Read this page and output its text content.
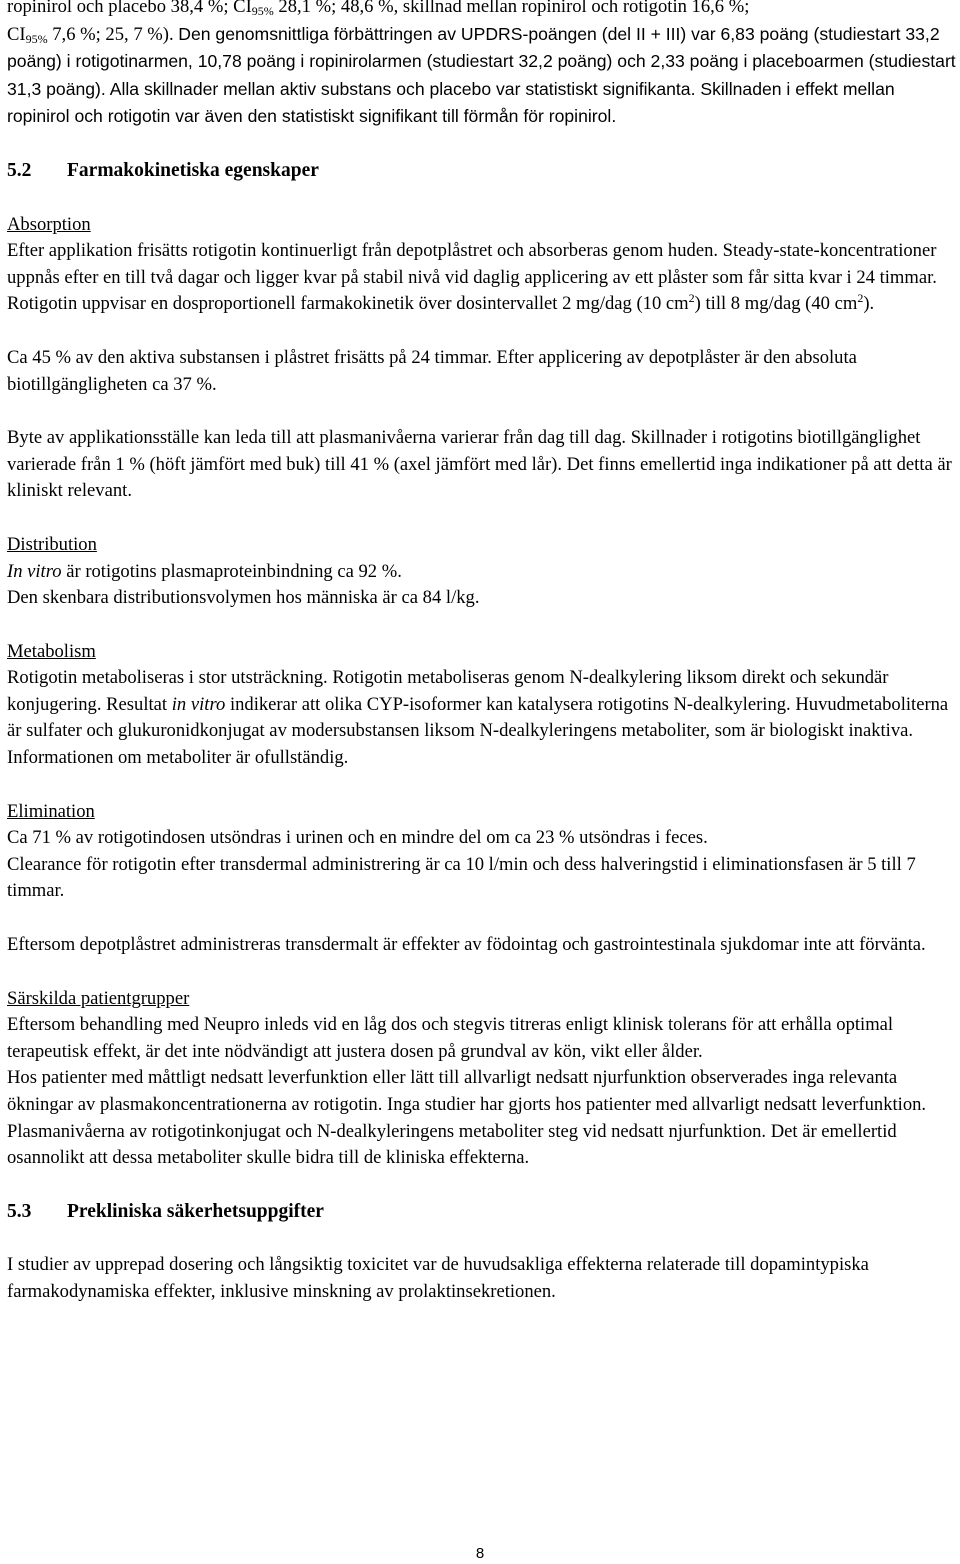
ropinirol och placebo 38,4 %; CI95% 28,1 %; 48,6 %, skillnad mellan ropinirol och rotigotin 16,6 %;
CI95% 7,6 %; 25, 7 %). Den genomsnittliga förbättringen av UPDRS-poängen (del II + III) var 6,83 poäng (studiestart 33,2 poäng) i rotigotinarmen, 10,78 poäng i ropinirolarmen (studiestart 32,2 poäng) och 2,33 poäng i placeboarmen (studiestart 31,3 poäng). Alla skillnader mellan aktiv substans och placebo var statistiskt signifikanta. Skillnaden i effekt mellan ropinirol och rotigotin var även den statistiskt signifikant till förmån för ropinirol.

5.2 Farmakokinetiska egenskaper

Absorption

Efter applikation frisätts rotigotin kontinuerligt från depotplåstret och absorberas genom huden. Steady-state-koncentrationer uppnås efter en till två dagar och ligger kvar på stabil nivå vid daglig applicering av ett plåster som får sitta kvar i 24 timmar. Rotigotin uppvisar en dosproportionell farmakokinetik över dosintervallet 2 mg/dag (10 $cm^2$) till 8 mg/dag (40 $cm^2$).

Ca 45 % av den aktiva substansen i plåstret frisätts på 24 timmar. Efter applicering av depotplåster är den absoluta biotillgängligheten ca 37 %.

Byte av applikationsställe kan leda till att plasmanivåerna varierar från dag till dag. Skillnader i rotigotins biotillgänglighet varierade från 1 % (höft jämfört med buk) till 41 % (axel jämfört med lår). Det finns emellertid inga indikationer på att detta är kliniskt relevant.

Distribution

In vitro är rotigotins plasmaproteinbindning ca 92 %.

Den skenbara distributionsvolymen hos människa är ca 84 l/kg.

Metabolism

Rotigotin metaboliseras i stor utsträckning. Rotigotin metaboliseras genom N-dealkylering liksom direkt och sekundär konjugering. Resultat in vitro indikerar att olika CYP-isoformer kan katalysera rotigotins N-dealkylering. Huvudmetaboliterna är sulfater och glukuronidkonjugat av modersubstansen liksom N-dealkyleringens metaboliter, som är biologiskt inaktiva.

Informationen om metaboliter är ofullständig.

Elimination

Ca 71 % av rotigotindosen utsöndras i urinen och en mindre del om ca 23 % utsöndras i feces.

Clearance för rotigotin efter transdermal administrering är ca 10 l/min och dess halveringstid i eliminationsfasen är 5 till 7 timmar.

Eftersom depotplåstret administreras transdermalt är effekter av födointag och gastrointestinala sjukdomar inte att förvänta.

Särskilda patientgrupper

Eftersom behandling med Neupro inleds vid en låg dos och stegvis titreras enligt klinisk tolerans för att erhålla optimal terapeutisk effekt, är det inte nödvändigt att justera dosen på grundval av kön, vikt eller ålder.

Hos patienter med måttligt nedsatt leverfunktion eller lätt till allvarligt nedsatt njurfunktion observerades inga relevanta ökningar av plasmakoncentrationerna av rotigotin. Inga studier har gjorts hos patienter med allvarligt nedsatt leverfunktion.

Plasmanivåerna av rotigotinkonjugat och N-dealkyleringens metaboliter steg vid nedsatt njurfunktion. Det är emellertid osannolikt att dessa metaboliter skulle bidra till de kliniska effekterna.

5.3 Prekliniska säkerhetsuppgifter

I studier av upprepad dosering och långsiktig toxicitet var de huvudsakliga effekterna relaterade till dopamintypiska farmakodynamiska effekter, inklusive minskning av prolaktinsekretionen.

8
